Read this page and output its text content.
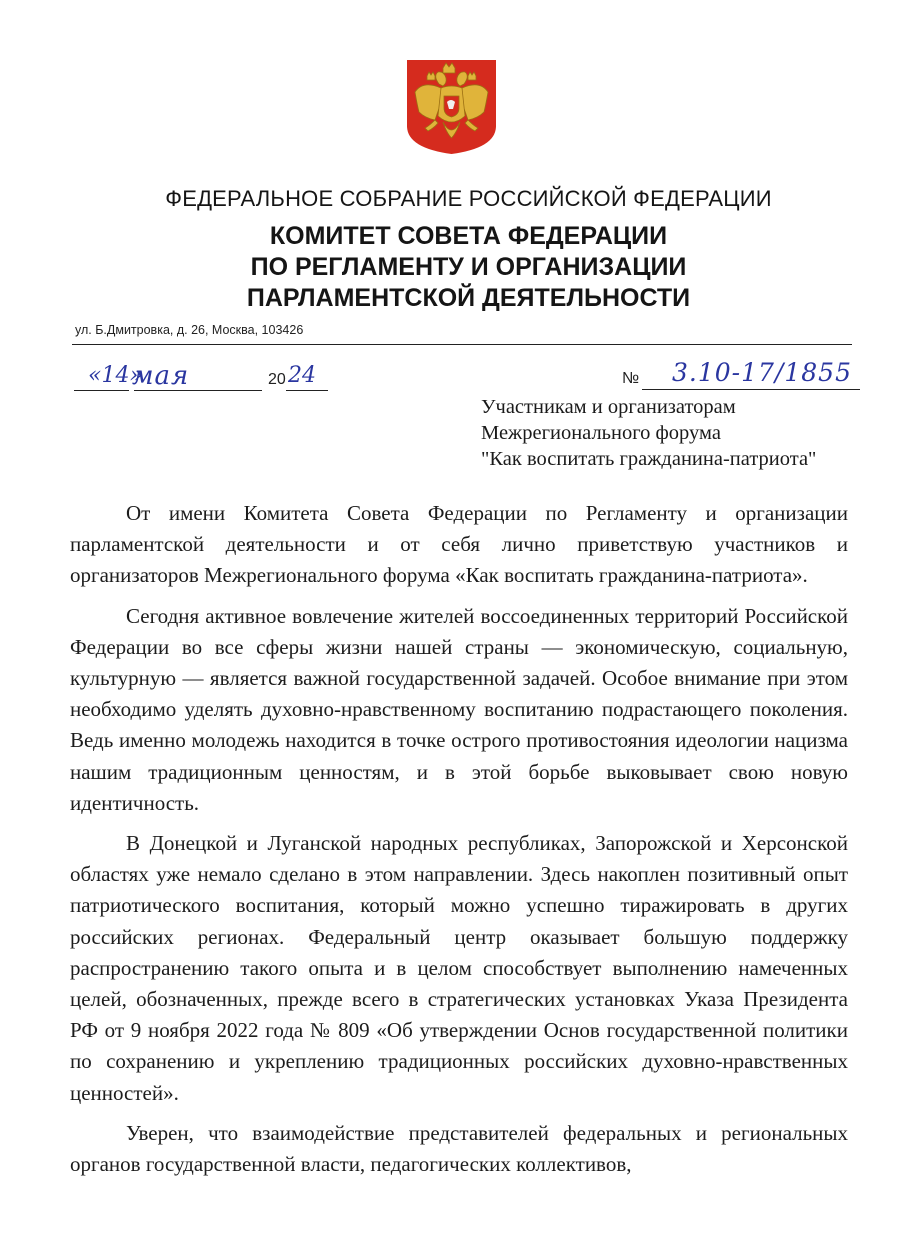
ФЕДЕРАЛЬНОЕ СОБРАНИЕ РОССИЙСКОЙ ФЕДЕРАЦИИ
КОМИТЕТ СОВЕТА ФЕДЕРАЦИИ
ПО РЕГЛАМЕНТУ И ОРГАНИЗАЦИИ
ПАРЛАМЕНТСКОЙ ДЕЯТЕЛЬНОСТИ
ул. Б.Дмитровка, д. 26, Москва, 103426
«14»
мая	20 24	№ 3.10-17/1855
Участникам и организаторам
Межрегионального форума
"Как воспитать гражданина-патриота"

От имени Комитета Совета Федерации по Регламенту и организации парламентской деятельности и от себя лично приветствую участников и организаторов Межрегионального форума «Как воспитать гражданина-патриота».

Сегодня активное вовлечение жителей воссоединенных территорий Российской Федерации во все сферы жизни нашей страны — экономическую, социальную, культурную — является важной государственной задачей. Особое внимание при этом необходимо уделять духовно-нравственному воспитанию подрастающего поколения. Ведь именно молодежь находится в точке острого противостояния идеологии нацизма нашим традиционным ценностям, и в этой борьбе выковывает свою новую идентичность.

В Донецкой и Луганской народных республиках, Запорожской и Херсонской областях уже немало сделано в этом направлении. Здесь накоплен позитивный опыт патриотического воспитания, который можно успешно тиражировать в других российских регионах. Федеральный центр оказывает большую поддержку распространению такого опыта и в целом способствует выполнению намеченных целей, обозначенных, прежде всего в стратегических установках Указа Президента РФ от 9 ноября 2022 года № 809 «Об утверждении Основ государственной политики по сохранению и укреплению традиционных российских духовно-нравственных ценностей».

Уверен, что взаимодействие представителей федеральных и региональных органов государственной власти, педагогических коллективов,
